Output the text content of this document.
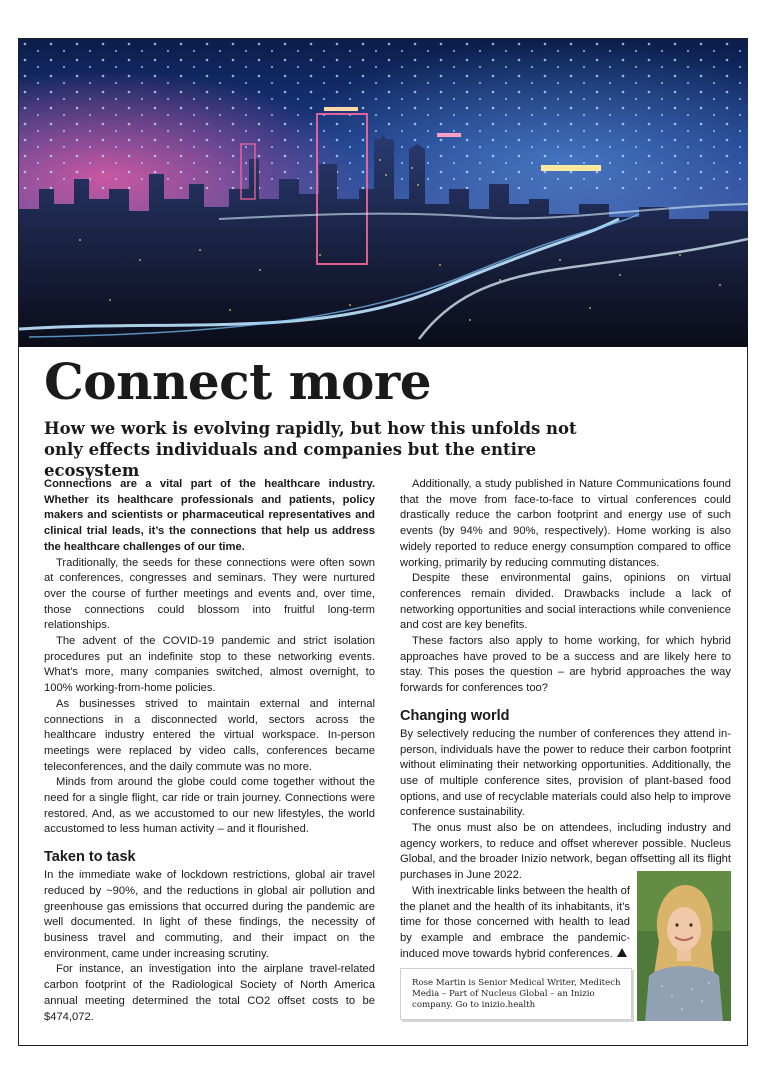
Connect more
How we work is evolving rapidly, but how this unfolds not only effects individuals and companies but the entire ecosystem

Connections are a vital part of the healthcare industry. Whether its healthcare professionals and patients, policy makers and scientists or pharmaceutical representatives and clinical trial leads, it’s the connections that help us address the healthcare challenges of our time.

Traditionally, the seeds for these connections were often sown at conferences, congresses and seminars. They were nurtured over the course of further meetings and events and, over time, those connections could blossom into fruitful long-term relationships.

The advent of the COVID-19 pandemic and strict isolation procedures put an indefinite stop to these networking events. What’s more, many companies switched, almost overnight, to 100% working-from-home policies.

As businesses strived to maintain external and internal connections in a disconnected world, sectors across the healthcare industry entered the virtual workspace. In-person meetings were replaced by video calls, conferences became teleconferences, and the daily commute was no more.

Minds from around the globe could come together without the need for a single flight, car ride or train journey. Connections were restored. And, as we accustomed to our new lifestyles, the world accustomed to less human activity – and it flourished.

Taken to task

In the immediate wake of lockdown restrictions, global air travel reduced by ~90%, and the reductions in global air pollution and greenhouse gas emissions that occurred during the pandemic are well documented. In light of these findings, the necessity of business travel and commuting, and their impact on the environment, came under increasing scrutiny.

For instance, an investigation into the airplane travel-related carbon footprint of the Radiological Society of North America annual meeting determined the total CO2 offset costs to be $474,072.

Additionally, a study published in Nature Communications found that the move from face-to-face to virtual conferences could drastically reduce the carbon footprint and energy use of such events (by 94% and 90%, respectively). Home working is also widely reported to reduce energy consumption compared to office working, primarily by reducing commuting distances.

Despite these environmental gains, opinions on virtual conferences remain divided. Drawbacks include a lack of networking opportunities and social interactions while convenience and cost are key benefits.

These factors also apply to home working, for which hybrid approaches have proved to be a success and are likely here to stay. This poses the question – are hybrid approaches the way forwards for conferences too?

Changing world

By selectively reducing the number of conferences they attend in-person, individuals have the power to reduce their carbon footprint without eliminating their networking opportunities. Additionally, the use of multiple conference sites, provision of plant-based food options, and use of recyclable materials could also help to improve conference sustainability.

The onus must also be on attendees, including industry and agency workers, to reduce and offset wherever possible. Nucleus Global, and the broader Inizio network, began offsetting all its flight purchases in June 2022.

With inextricable links between the health of the planet and the health of its inhabitants, it’s time for those concerned with health to lead by example and embrace the pandemic-induced move towards hybrid conferences.

Rose Martin is Senior Medical Writer, Meditech Media – Part of Nucleus Global – an Inizio company. Go to inizio.health
